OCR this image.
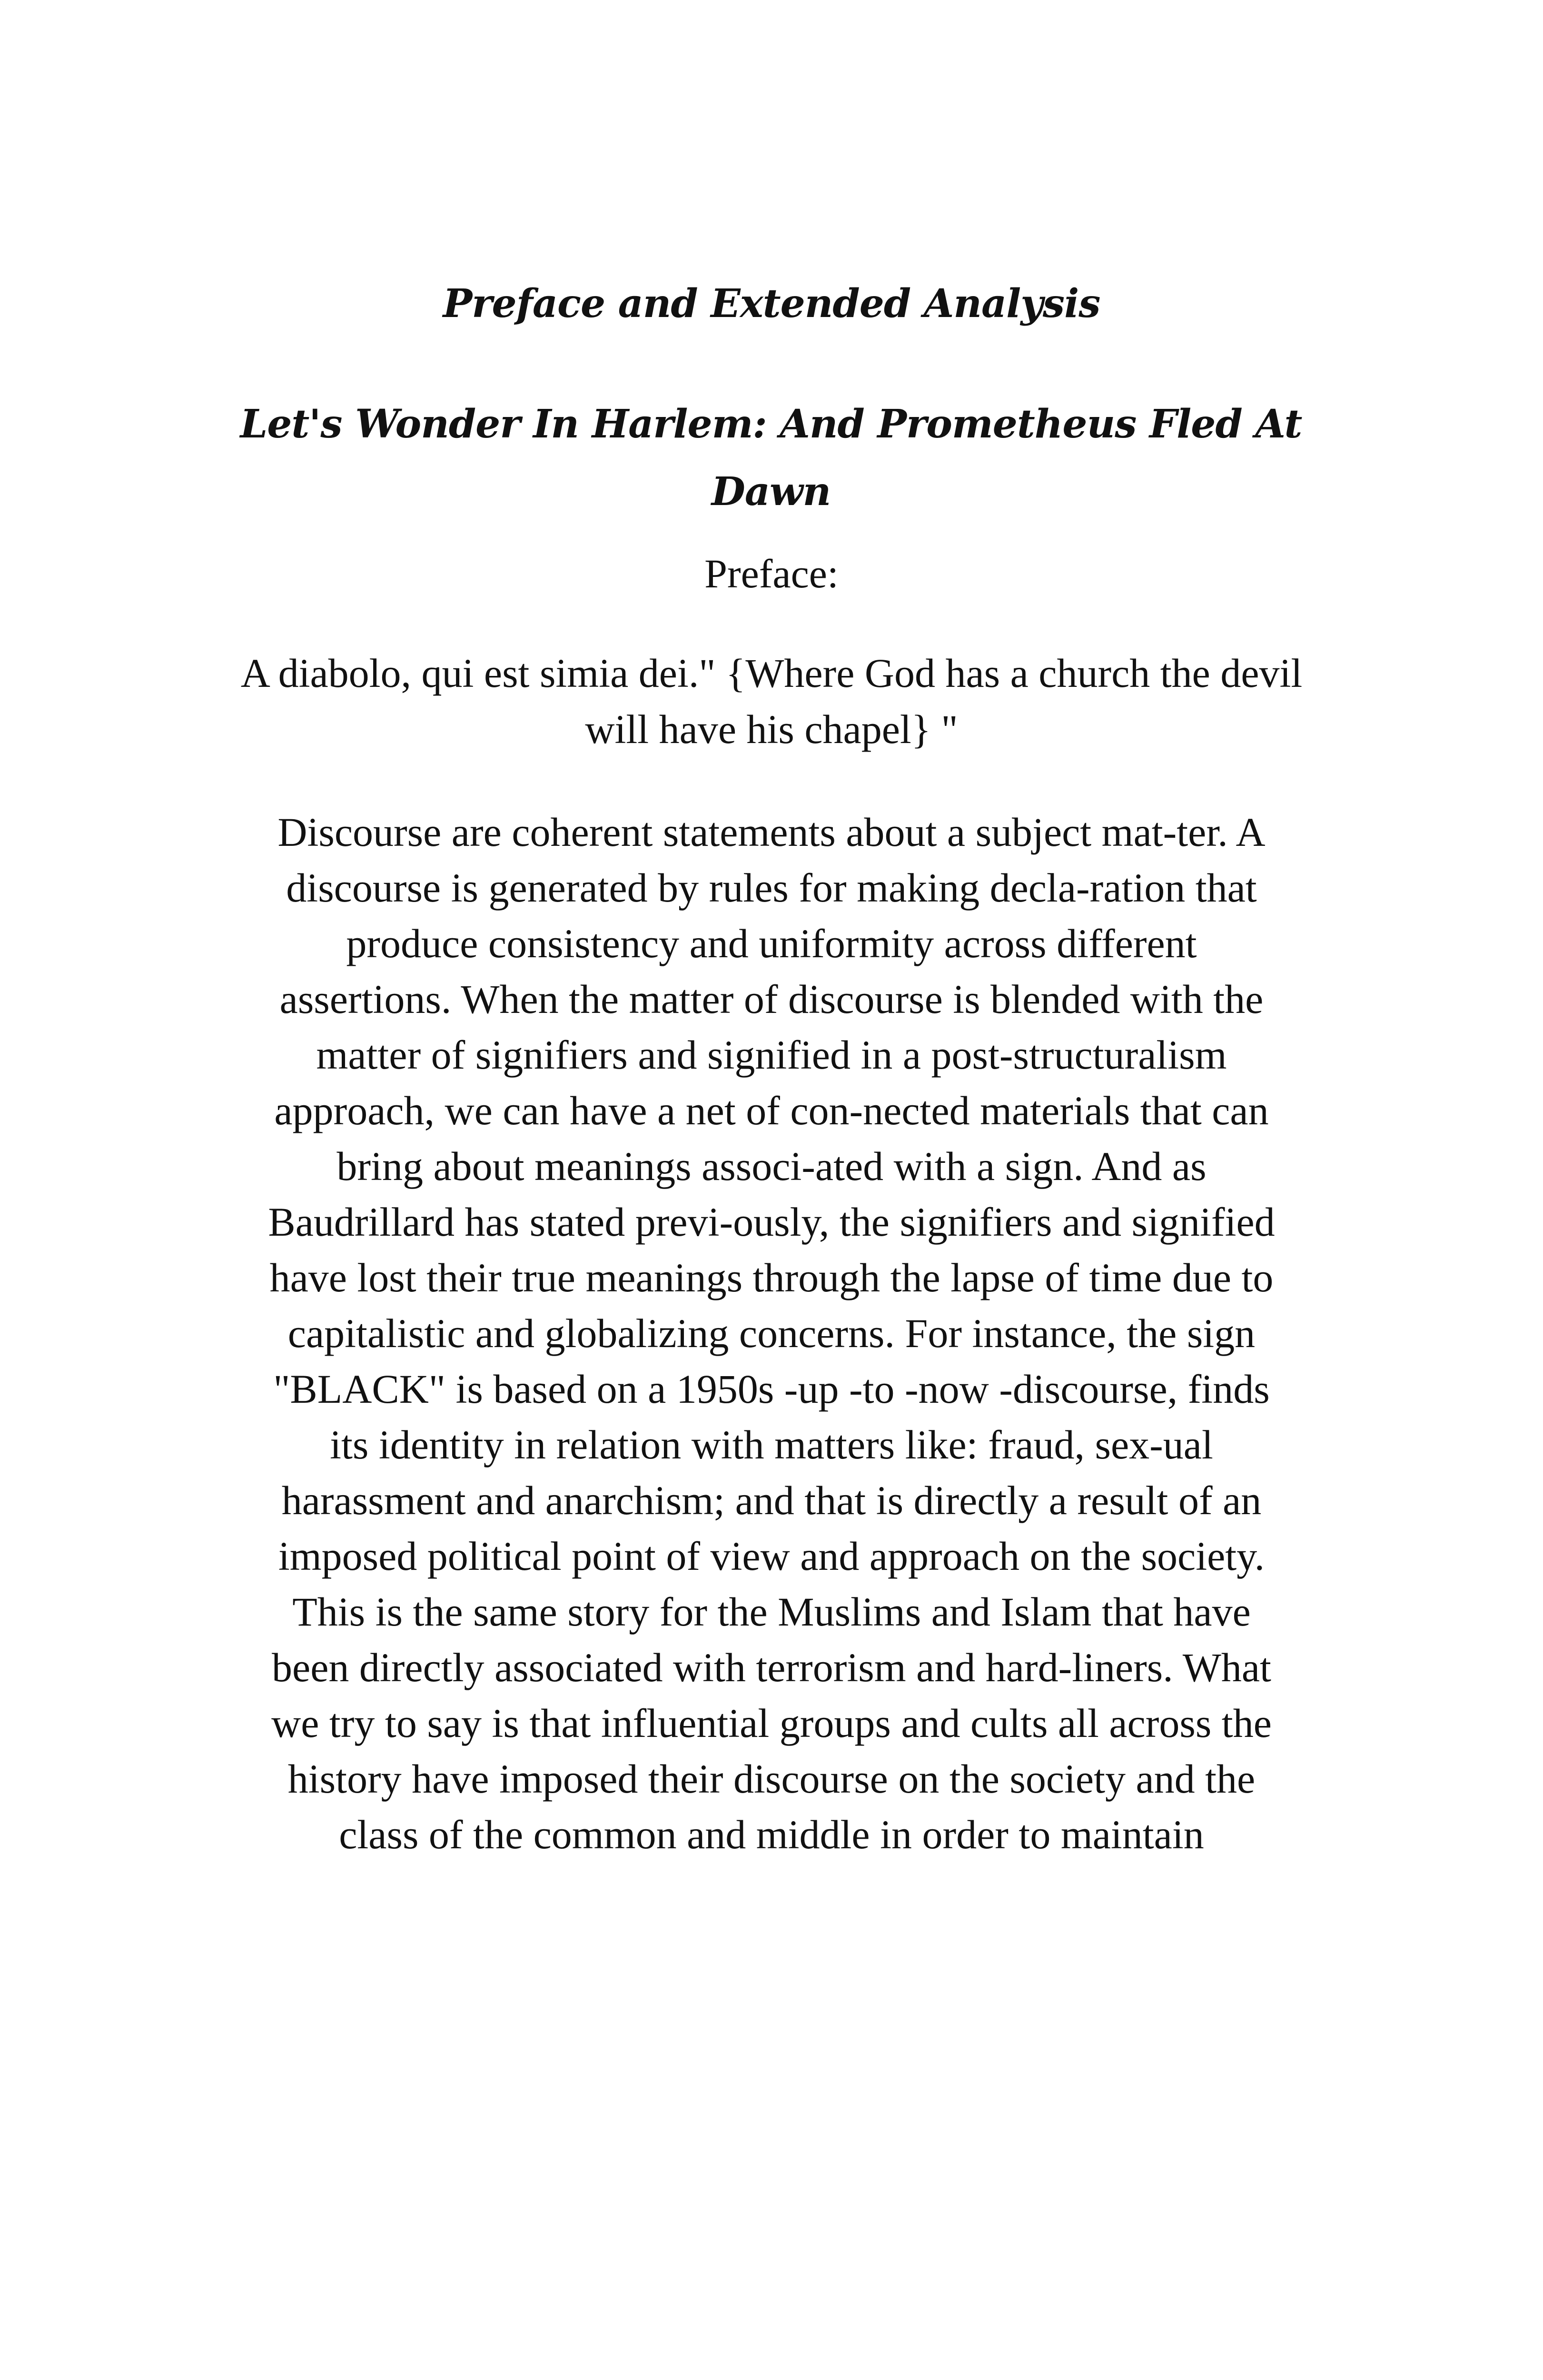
Preface and Extended Analysis
Let's Wonder In Harlem: And Prometheus Fled At Dawn

Preface:

A diabolo, qui est simia dei." {Where God has a church the devil will have his chapel} "

Discourse are coherent statements about a subject mat-ter. A
discourse is generated by rules for making decla-ration that
produce consistency and uniformity across different
assertions. When the matter of discourse is blended with the
matter of signifiers and signified in a post-structuralism
approach, we can have a net of con-nected materials that can
bring about meanings associ-ated with a sign. And as
Baudrillard has stated previ-ously, the signifiers and signified
have lost their true meanings through the lapse of time due to
capitalistic and globalizing concerns. For instance, the sign
"BLACK" is based on a 1950s -up -to -now -discourse, finds
its identity in relation with matters like: fraud, sex-ual
harassment and anarchism; and that is directly a result of an
imposed political point of view and approach on the society.
This is the same story for the Muslims and Islam that have
been directly associated with terrorism and hard-liners. What
we try to say is that influential groups and cults all across the
history have imposed their discourse on the society and the
class of the common and middle in order to maintain
